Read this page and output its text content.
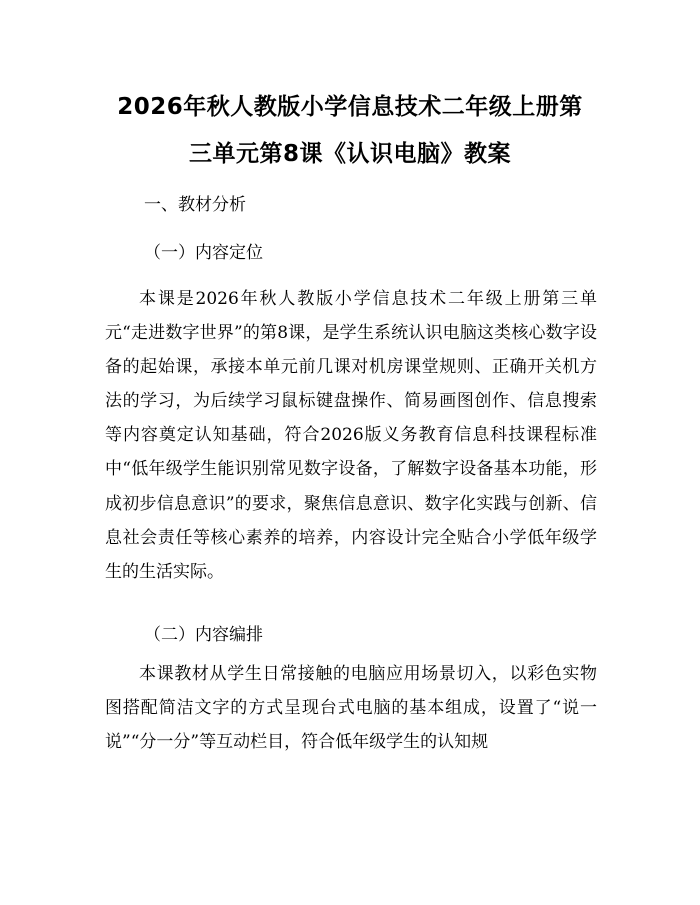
2026年秋人教版小学信息技术二年级上册第
三单元第8课《认识电脑》教案
一、教材分析
（一）内容定位
本课是2026年秋人教版小学信息技术二年级上册第三单元“走进数字世界”的第8课，是学生系统认识电脑这类核心数字设备的起始课，承接本单元前几课对机房课堂规则、正确开关机方法的学习，为后续学习鼠标键盘操作、简易画图创作、信息搜索等内容奠定认知基础，符合2026版义务教育信息科技课程标准中“低年级学生能识别常见数字设备，了解数字设备基本功能，形成初步信息意识”的要求，聚焦信息意识、数字化实践与创新、信息社会责任等核心素养的培养，内容设计完全贴合小学低年级学生的生活实际。
（二）内容编排
本课教材从学生日常接触的电脑应用场景切入，以彩色实物图搭配简洁文字的方式呈现台式电脑的基本组成，设置了“说一说”“分一分”等互动栏目，符合低年级学生的认知规
